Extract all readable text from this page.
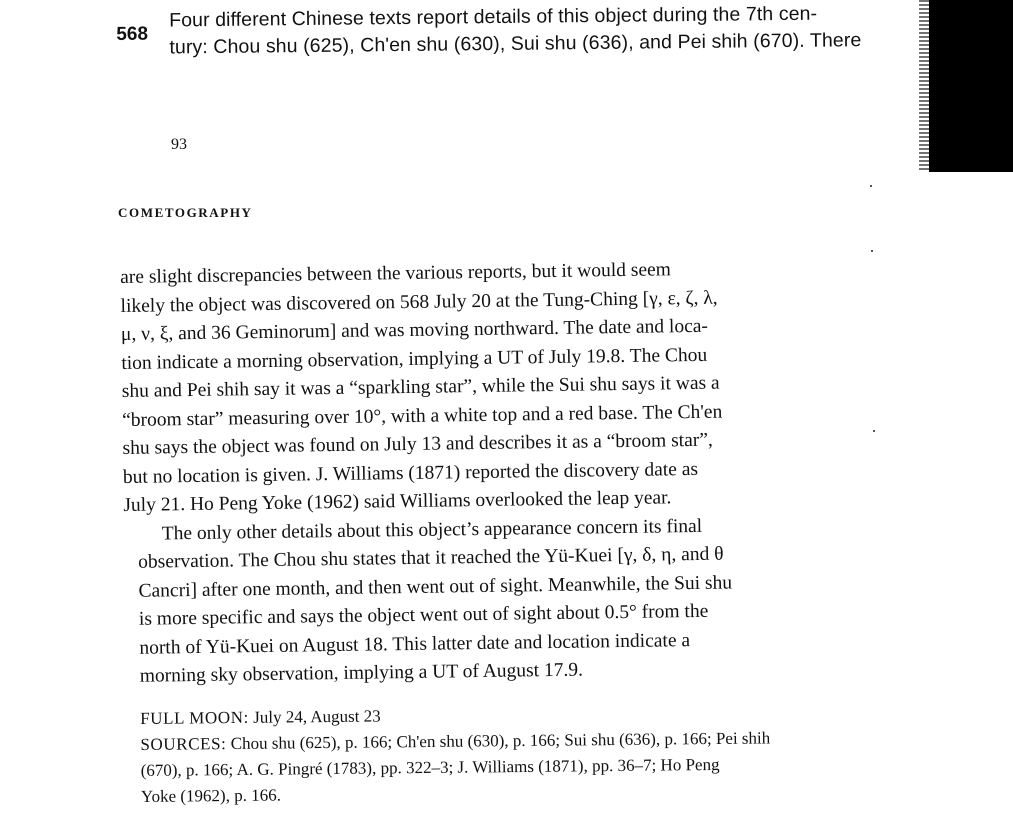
568
Four different Chinese texts report details of this object during the 7th cen-
tury: Chou shu (625), Ch'en shu (630), Sui shu (636), and Pei shih (670). There
93
COMETOGRAPHY
are slight discrepancies between the various reports, but it would seem
likely the object was discovered on 568 July 20 at the Tung-Ching [γ, ε, ζ, λ,
μ, ν, ξ, and 36 Geminorum] and was moving northward. The date and loca-
tion indicate a morning observation, implying a UT of July 19.8. The Chou
shu and Pei shih say it was a “sparkling star”, while the Sui shu says it was a
“broom star” measuring over 10°, with a white top and a red base. The Ch'en
shu says the object was found on July 13 and describes it as a “broom star”,
but no location is given. J. Williams (1871) reported the discovery date as
July 21. Ho Peng Yoke (1962) said Williams overlooked the leap year.
The only other details about this object’s appearance concern its final
observation. The Chou shu states that it reached the Yü-Kuei [γ, δ, η, and θ
Cancri] after one month, and then went out of sight. Meanwhile, the Sui shu
is more specific and says the object went out of sight about 0.5° from the
north of Yü-Kuei on August 18. This latter date and location indicate a
morning sky observation, implying a UT of August 17.9.
FULL MOON: July 24, August 23
SOURCES: Chou shu (625), p. 166; Ch'en shu (630), p. 166; Sui shu (636), p. 166; Pei shih
(670), p. 166; A. G. Pingré (1783), pp. 322–3; J. Williams (1871), pp. 36–7; Ho Peng
Yoke (1962), p. 166.
